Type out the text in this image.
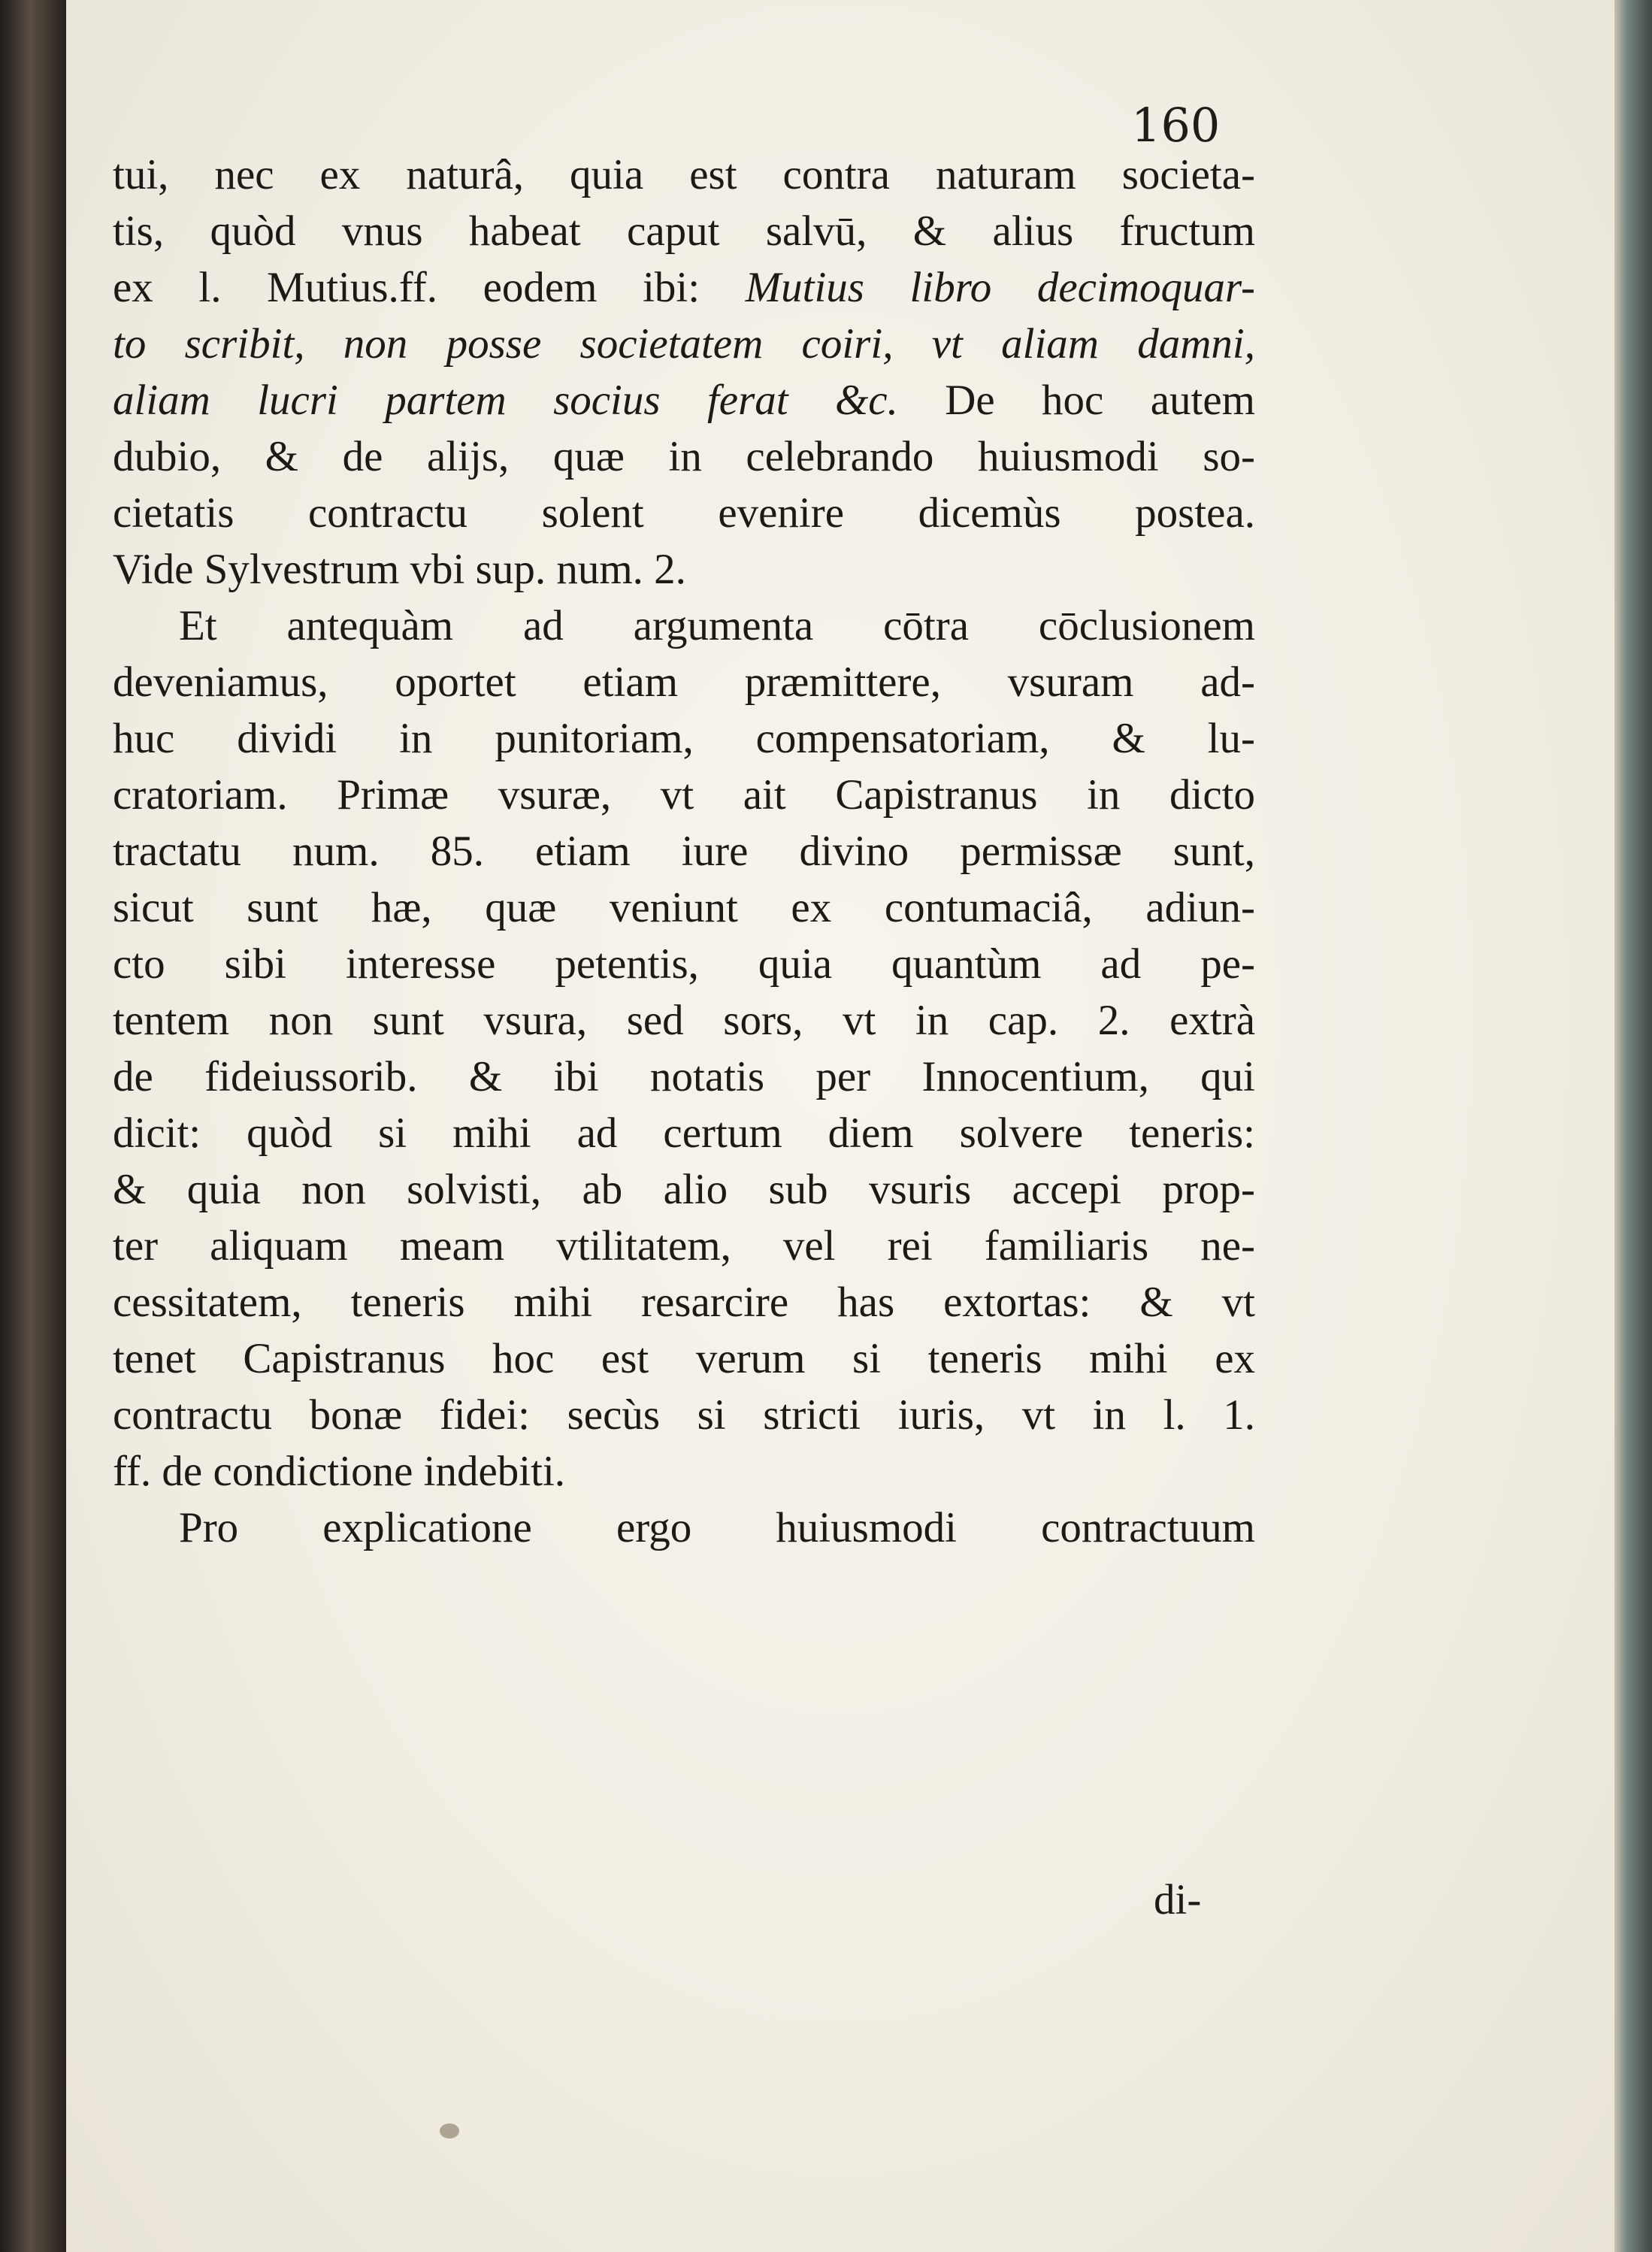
160
tui, nec ex naturâ, quia est contra naturam societa-
tis, quòd vnus habeat caput salvū, & alius fructum
ex l. Mutius.ff. eodem ibi: Mutius libro decimoquar-
to scribit, non posse societatem coiri, vt aliam damni,
aliam lucri partem socius ferat &c. De hoc autem
dubio, & de alijs, quæ in celebrando huiusmodi so-
cietatis contractu solent evenire dicemùs postea.
Vide Sylvestrum vbi sup. num. 2.
Et antequàm ad argumenta cōtra cōclusionem
deveniamus, oportet etiam præmittere, vsuram ad-
huc dividi in punitoriam, compensatoriam, & lu-
cratoriam. Primæ vsuræ, vt ait Capistranus in dicto
tractatu num. 85. etiam iure divino permissæ sunt,
sicut sunt hæ, quæ veniunt ex contumaciâ, adiun-
cto sibi interesse petentis, quia quantùm ad pe-
tentem non sunt vsura, sed sors, vt in cap. 2. extrà
de fideiussorib. & ibi notatis per Innocentium, qui
dicit: quòd si mihi ad certum diem solvere teneris:
& quia non solvisti, ab alio sub vsuris accepi prop-
ter aliquam meam vtilitatem, vel rei familiaris ne-
cessitatem, teneris mihi resarcire has extortas: & vt
tenet Capistranus hoc est verum si teneris mihi ex
contractu bonæ fidei: secùs si stricti iuris, vt in l. 1.
ff. de condictione indebiti.
Pro explicatione ergo huiusmodi contractuum
di-
